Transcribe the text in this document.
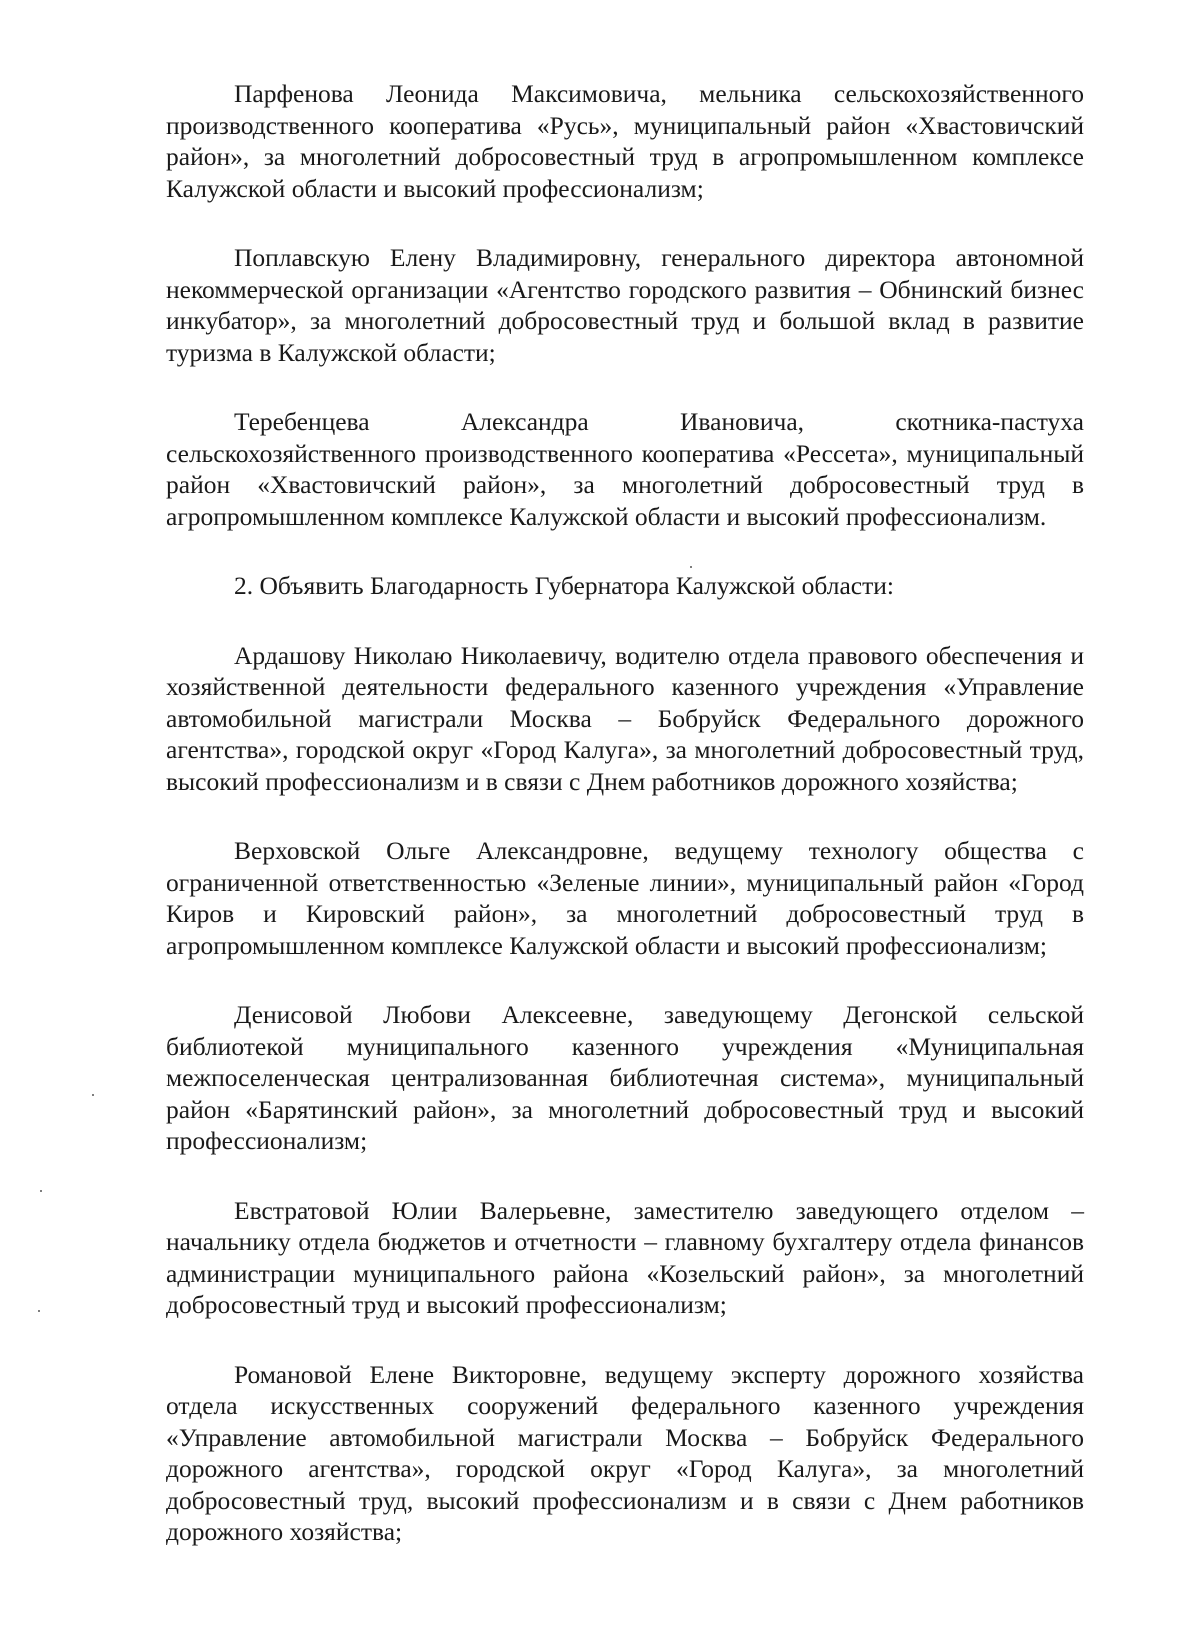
Парфенова Леонида Максимовича, мельника сельскохозяйственного производственного кооператива «Русь», муниципальный район «Хвастовичский район», за многолетний добросовестный труд в агропромышленном комплексе Калужской области и высокий профессионализм;

Поплавскую Елену Владимировну, генерального директора автономной некоммерческой организации «Агентство городского развития – Обнинский бизнес инкубатор», за многолетний добросовестный труд и большой вклад в развитие туризма в Калужской области;

Теребенцева Александра Ивановича, скотника-пастуха сельскохозяйственного производственного кооператива «Рессета», муниципальный район «Хвастовичский район», за многолетний добросовестный труд в агропромышленном комплексе Калужской области и высокий профессионализм.

2. Объявить Благодарность Губернатора Калужской области:

Ардашову Николаю Николаевичу, водителю отдела правового обеспечения и хозяйственной деятельности федерального казенного учреждения «Управление автомобильной магистрали Москва – Бобруйск Федерального дорожного агентства», городской округ «Город Калуга», за многолетний добросовестный труд, высокий профессионализм и в связи с Днем работников дорожного хозяйства;

Верховской Ольге Александровне, ведущему технологу общества с ограниченной ответственностью «Зеленые линии», муниципальный район «Город Киров и Кировский район», за многолетний добросовестный труд в агропромышленном комплексе Калужской области и высокий профессионализм;

Денисовой Любови Алексеевне, заведующему Дегонской сельской библиотекой муниципального казенного учреждения «Муниципальная межпоселенческая централизованная библиотечная система», муниципальный район «Барятинский район», за многолетний добросовестный труд и высокий профессионализм;

Евстратовой Юлии Валерьевне, заместителю заведующего отделом – начальнику отдела бюджетов и отчетности – главному бухгалтеру отдела финансов администрации муниципального района «Козельский район», за многолетний добросовестный труд и высокий профессионализм;

Романовой Елене Викторовне, ведущему эксперту дорожного хозяйства отдела искусственных сооружений федерального казенного учреждения «Управление автомобильной магистрали Москва – Бобруйск Федерального дорожного агентства», городской округ «Город Калуга», за многолетний добросовестный труд, высокий профессионализм и в связи с Днем работников дорожного хозяйства;
